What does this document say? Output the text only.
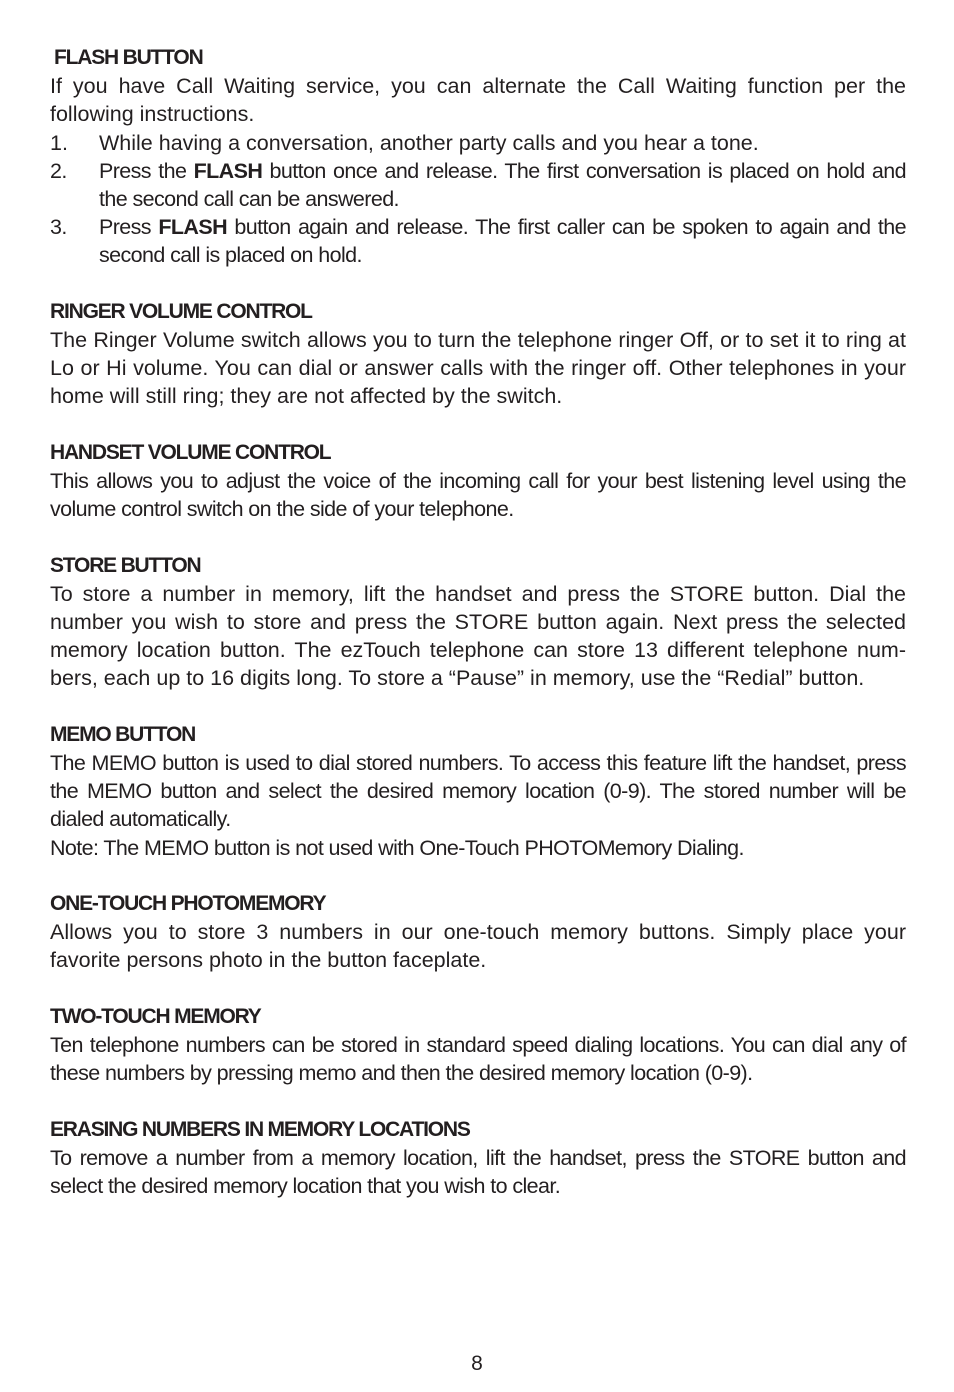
FLASH BUTTON

If you have Call Waiting service, you can alternate the Call Waiting function per the following instructions.

1. While having a conversation, another party calls and you hear a tone.
2. Press the FLASH button once and release. The first conversation is placed on hold and the second call can be answered.
3. Press FLASH button again and release. The first caller can be spoken to again and the second call is placed on hold.
RINGER VOLUME CONTROL

The Ringer Volume switch allows you to turn the telephone ringer Off, or to set it to ring at Lo or Hi volume. You can dial or answer calls with the ringer off. Other telephones in your home will still ring; they are not affected by the switch.

HANDSET VOLUME CONTROL

This allows you to adjust the voice of the incoming call for your best listening level using the volume control switch on the side of your telephone.

STORE BUTTON

To store a number in memory, lift the handset and press the STORE button. Dial the number you wish to store and press the STORE button again. Next press the selected memory location button. The ezTouch telephone can store 13 different telephone num-bers, each up to 16 digits long. To store a “Pause” in memory, use the “Redial” button.

MEMO BUTTON

The MEMO button is used to dial stored numbers. To access this feature lift the handset, press the MEMO button and select the desired memory location (0-9). The stored number will be dialed automatically.

Note: The MEMO button is not used with One-Touch PHOTOMemory Dialing.

ONE-TOUCH PHOTOMEMORY

Allows you to store 3 numbers in our one-touch memory buttons. Simply place your favorite persons photo in the button faceplate.

TWO-TOUCH MEMORY

Ten telephone numbers can be stored in standard speed dialing locations. You can dial any of these numbers by pressing memo and then the desired memory location (0-9).

ERASING NUMBERS IN MEMORY LOCATIONS

To remove a number from a memory location, lift the handset, press the STORE button and select the desired memory location that you wish to clear.

8
